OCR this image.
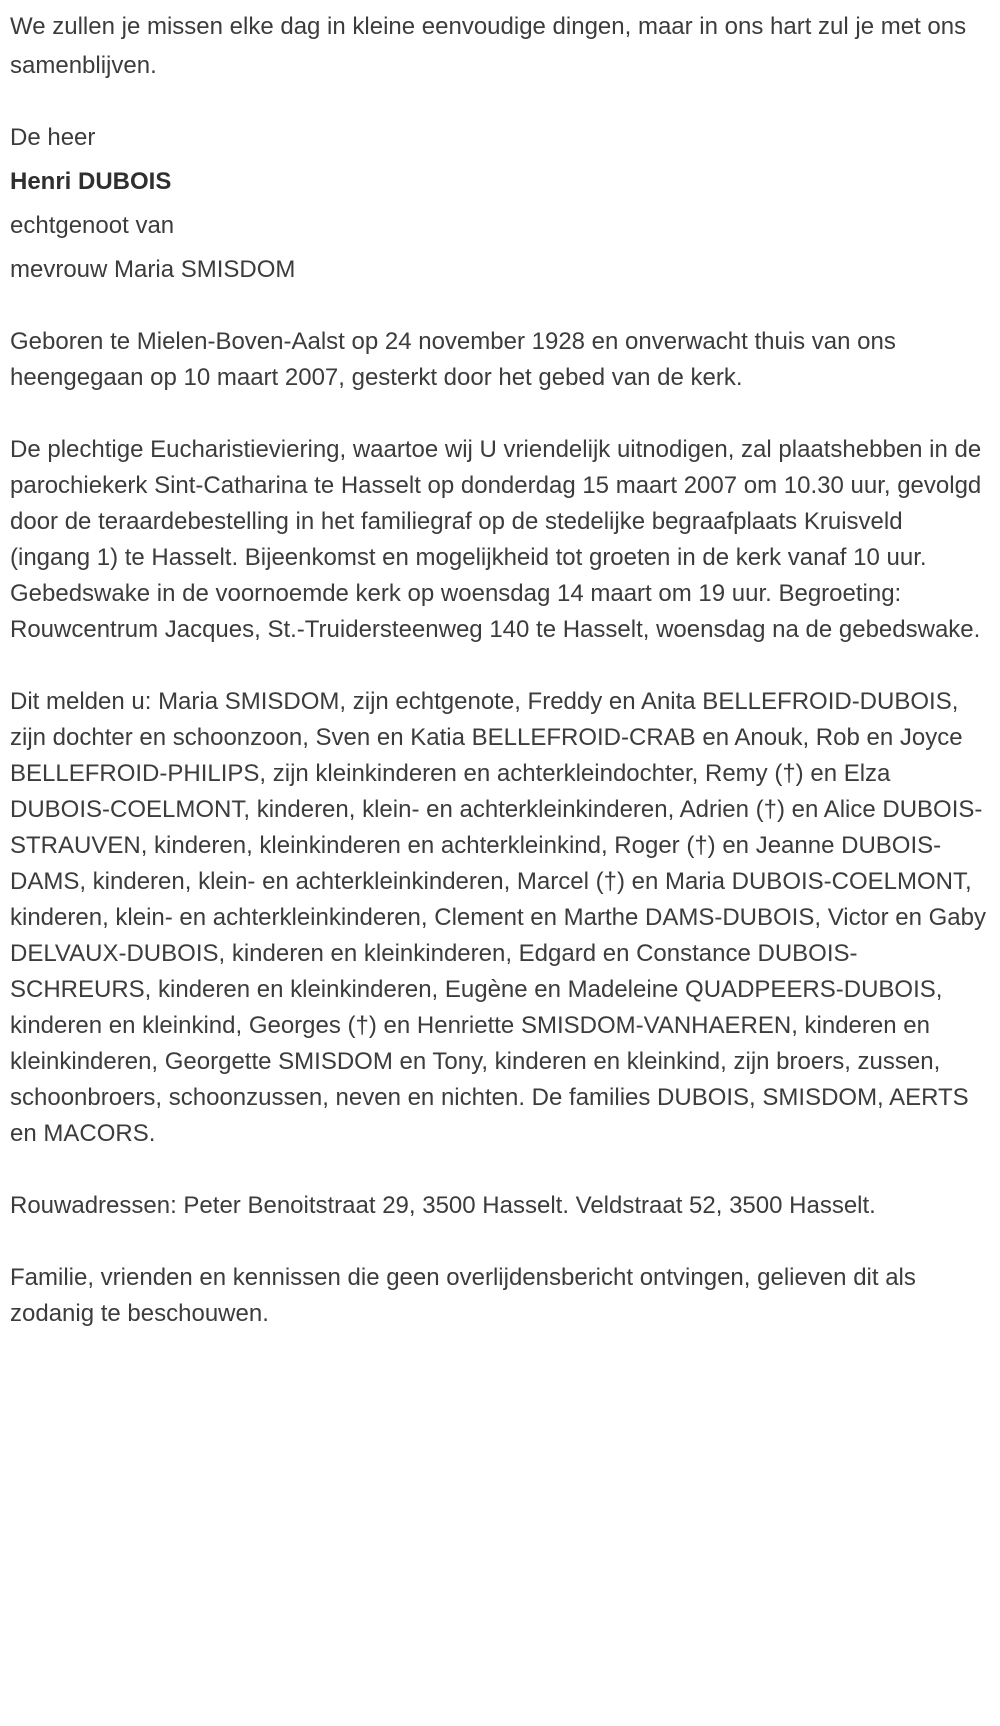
We zullen je missen elke dag in kleine eenvoudige dingen, maar in ons hart zul je met ons samenblijven.

De heer
Henri DUBOIS
echtgenoot van
mevrouw Maria SMISDOM

Geboren te Mielen-Boven-Aalst op 24 november 1928 en onverwacht thuis van ons heengegaan op 10 maart 2007, gesterkt door het gebed van de kerk.

De plechtige Eucharistieviering, waartoe wij U vriendelijk uitnodigen, zal plaatshebben in de parochiekerk Sint-Catharina te Hasselt op donderdag 15 maart 2007 om 10.30 uur, gevolgd door de teraardebestelling in het familiegraf op de stedelijke begraafplaats Kruisveld (ingang 1) te Hasselt. Bijeenkomst en mogelijkheid tot groeten in de kerk vanaf 10 uur. Gebedswake in de voornoemde kerk op woensdag 14 maart om 19 uur. Begroeting: Rouwcentrum Jacques, St.-Truidersteenweg 140 te Hasselt, woensdag na de gebedswake.

Dit melden u: Maria SMISDOM, zijn echtgenote, Freddy en Anita BELLEFROID-DUBOIS, zijn dochter en schoonzoon, Sven en Katia BELLEFROID-CRAB en Anouk, Rob en Joyce BELLEFROID-PHILIPS, zijn kleinkinderen en achterkleindochter, Remy (†) en Elza DUBOIS-COELMONT, kinderen, klein- en achterkleinkinderen, Adrien (†) en Alice DUBOIS-STRAUVEN, kinderen, kleinkinderen en achterkleinkind, Roger (†) en Jeanne DUBOIS-DAMS, kinderen, klein- en achterkleinkinderen, Marcel (†) en Maria DUBOIS-COELMONT, kinderen, klein- en achterkleinkinderen, Clement en Marthe DAMS-DUBOIS, Victor en Gaby DELVAUX-DUBOIS, kinderen en kleinkinderen, Edgard en Constance DUBOIS-SCHREURS, kinderen en kleinkinderen, Eugène en Madeleine QUADPEERS-DUBOIS, kinderen en kleinkind, Georges (†) en Henriette SMISDOM-VANHAEREN, kinderen en kleinkinderen, Georgette SMISDOM en Tony, kinderen en kleinkind, zijn broers, zussen, schoonbroers, schoonzussen, neven en nichten. De families DUBOIS, SMISDOM, AERTS en MACORS.

Rouwadressen: Peter Benoitstraat 29, 3500 Hasselt. Veldstraat 52, 3500 Hasselt.

Familie, vrienden en kennissen die geen overlijdensbericht ontvingen, gelieven dit als zodanig te beschouwen.
